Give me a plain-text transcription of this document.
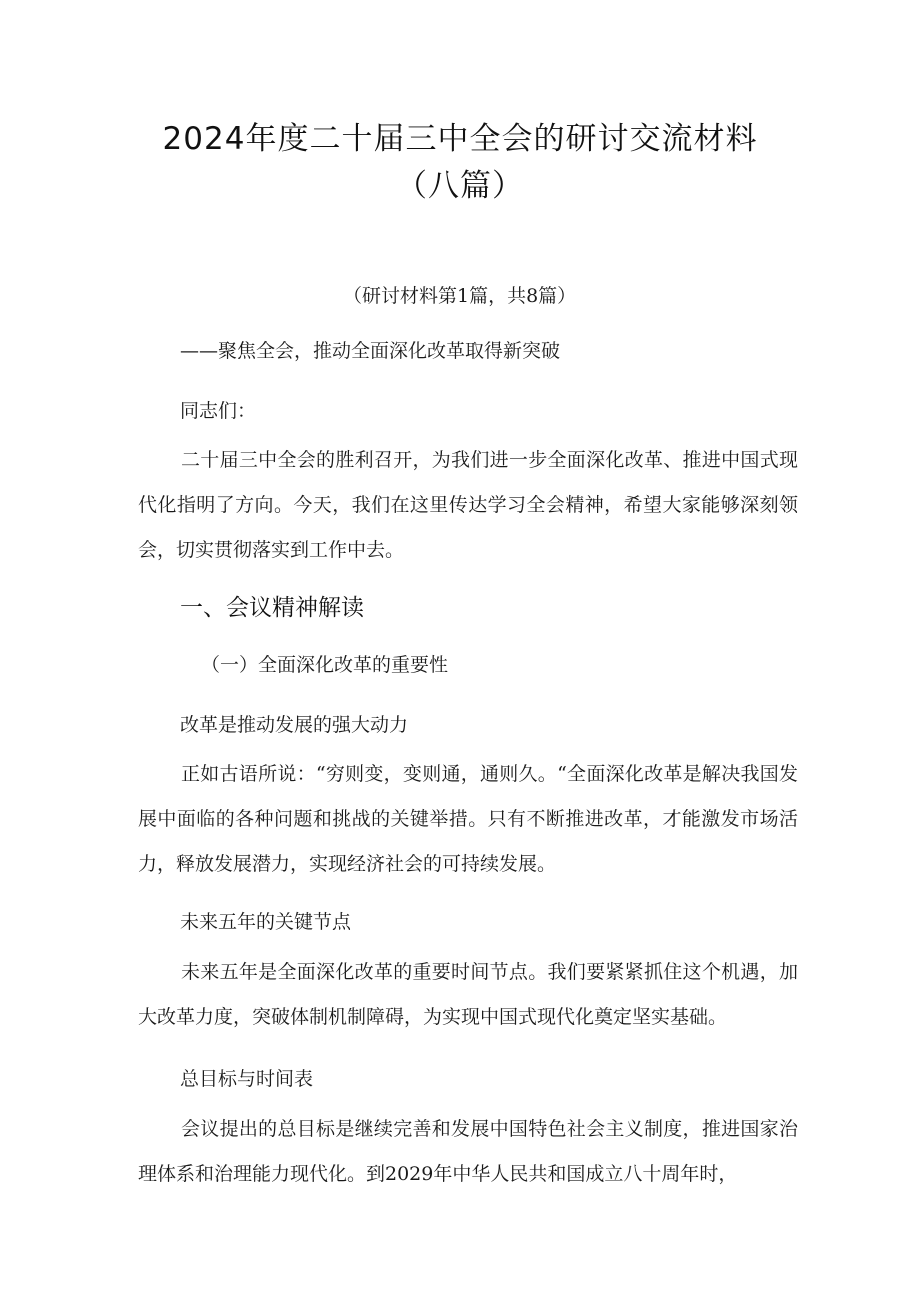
2024年度二十届三中全会的研讨交流材料
（八篇）
（研讨材料第1篇，共8篇）
——聚焦全会，推动全面深化改革取得新突破
同志们：
二十届三中全会的胜利召开，为我们进一步全面深化改革、推进中国式现代化指明了方向。今天，我们在这里传达学习全会精神，希望大家能够深刻领会，切实贯彻落实到工作中去。
一、会议精神解读
（一）全面深化改革的重要性
改革是推动发展的强大动力
正如古语所说：“穷则变，变则通，通则久。“全面深化改革是解决我国发展中面临的各种问题和挑战的关键举措。只有不断推进改革，才能激发市场活力，释放发展潜力，实现经济社会的可持续发展。
未来五年的关键节点
未来五年是全面深化改革的重要时间节点。我们要紧紧抓住这个机遇，加大改革力度，突破体制机制障碍，为实现中国式现代化奠定坚实基础。
总目标与时间表
会议提出的总目标是继续完善和发展中国特色社会主义制度，推进国家治理体系和治理能力现代化。到2029年中华人民共和国成立八十周年时，
